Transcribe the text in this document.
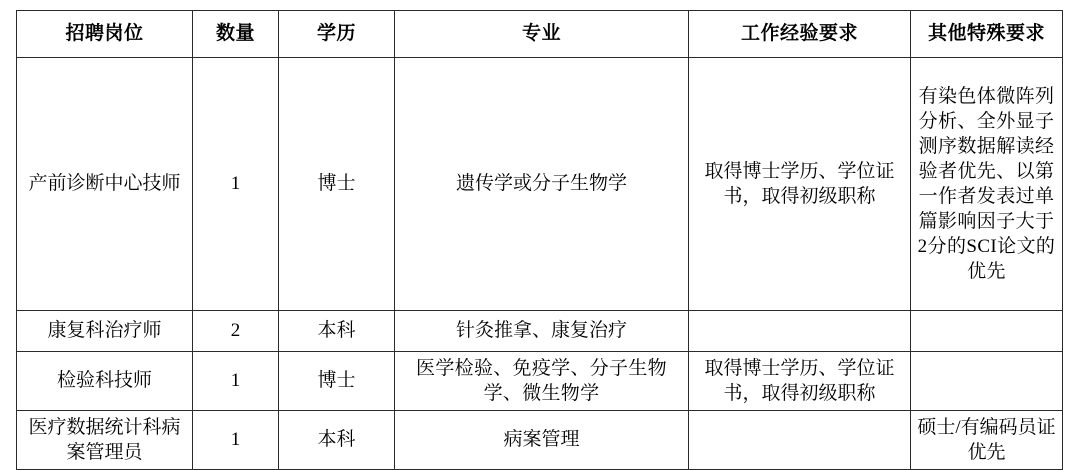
招聘岗位	数量	学历	专业	工作经验要求	其他特殊要求
产前诊断中心技师	1	博士	遗传学或分子生物学	取得博士学历、学位证书，取得初级职称	有染色体微阵列分析、全外显子测序数据解读经验者优先、以第一作者发表过单篇影响因子大于2分的SCI论文的优先
康复科治疗师	2	本科	针灸推拿、康复治疗		
检验科技师	1	博士	医学检验、免疫学、分子生物学、微生物学	取得博士学历、学位证书，取得初级职称	
医疗数据统计科病案管理员	1	本科	病案管理		硕士/有编码员证优先
